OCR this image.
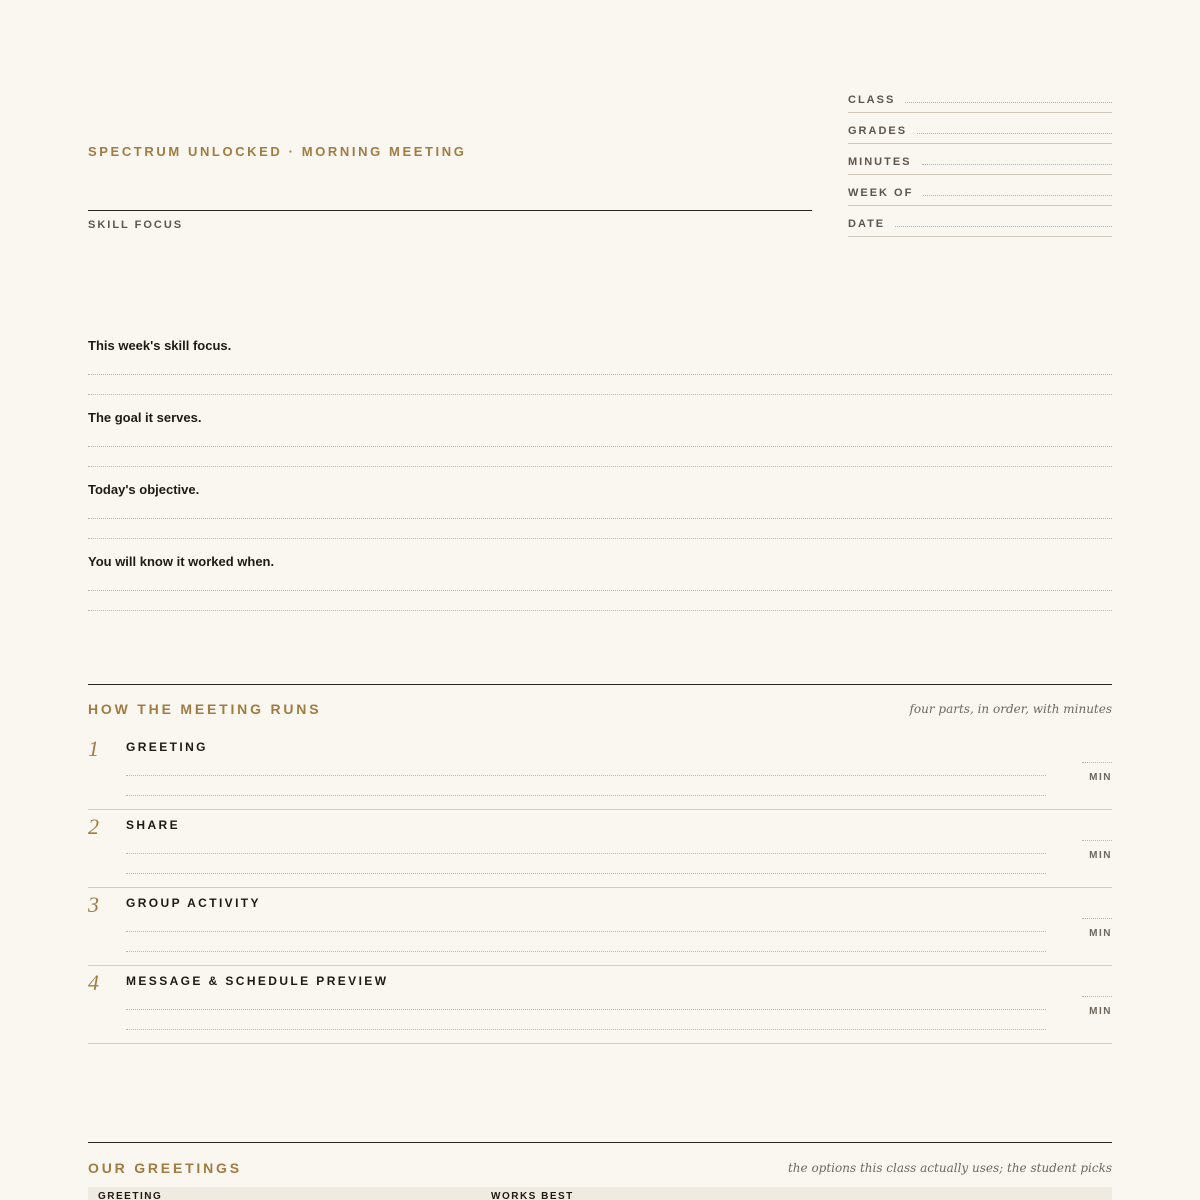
SPECTRUM UNLOCKED · MORNING MEETING
SKILL FOCUS
CLASS
GRADES
MINUTES
WEEK OF
DATE
This week's skill focus.
The goal it serves.
Today's objective.
You will know it worked when.
HOW THE MEETING RUNS	four parts, in order, with minutes
1 GREETING
MIN
2 SHARE
MIN
3 GROUP ACTIVITY
MIN
4 MESSAGE & SCHEDULE PREVIEW
MIN
OUR GREETINGS	the options this class actually uses; the student picks
GREETING	WORKS BEST
